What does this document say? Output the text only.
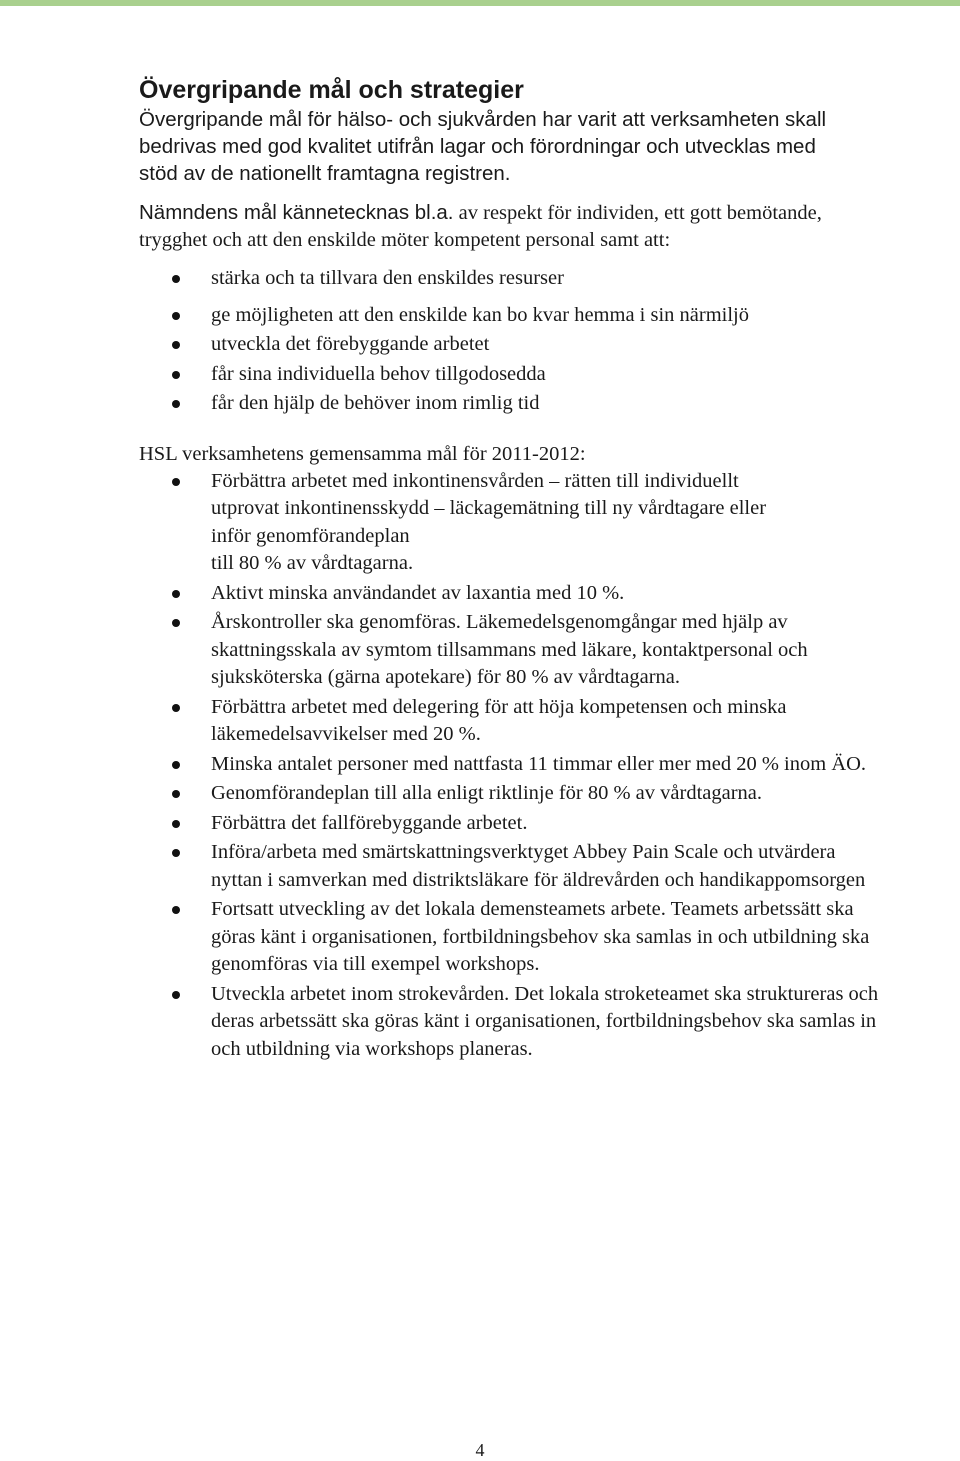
Övergripande mål och strategier
Övergripande mål för hälso- och sjukvården har varit att verksamheten skall
bedrivas med god kvalitet utifrån lagar och förordningar och utvecklas med
stöd av de nationellt framtagna registren.

Nämndens mål kännetecknas bl.a. av respekt för individen, ett gott bemötande, trygghet och att den enskilde möter kompetent personal samt att:

stärka och ta tillvara den enskildes resurser
ge möjligheten att den enskilde kan bo kvar hemma i sin närmiljö
utveckla det förebyggande arbetet
får sina individuella behov tillgodosedda
får den hjälp de behöver inom rimlig tid

HSL verksamhetens gemensamma mål för 2011-2012:

Förbättra arbetet med inkontinensvården – rätten till individuellt
utprovat inkontinensskydd – läckagemätning till ny vårdtagare eller
inför genomförandeplan
till 80 % av vårdtagarna.
Aktivt minska användandet av laxantia med 10 %.
Årskontroller ska genomföras. Läkemedelsgenomgångar med hjälp av skattningsskala av symtom tillsammans med läkare, kontaktpersonal och sjuksköterska (gärna apotekare) för 80 % av vårdtagarna.
Förbättra arbetet med delegering för att höja kompetensen och minska läkemedelsavvikelser med 20 %.
Minska antalet personer med nattfasta 11 timmar eller mer med 20 % inom ÄO.
Genomförandeplan till alla enligt riktlinje för 80 % av vårdtagarna.
Förbättra det fallförebyggande arbetet.
Införa/arbeta med smärtskattningsverktyget Abbey Pain Scale och utvärdera nyttan i samverkan med distriktsläkare för äldrevården och handikappomsorgen
Fortsatt utveckling av det lokala demensteamets arbete. Teamets arbetssätt ska göras känt i organisationen, fortbildningsbehov ska samlas in och utbildning ska genomföras via till exempel workshops.
Utveckla arbetet inom strokevården. Det lokala stroketeamet ska struktureras och deras arbetssätt ska göras känt i organisationen, fortbildningsbehov ska samlas in och utbildning via workshops planeras.
4
